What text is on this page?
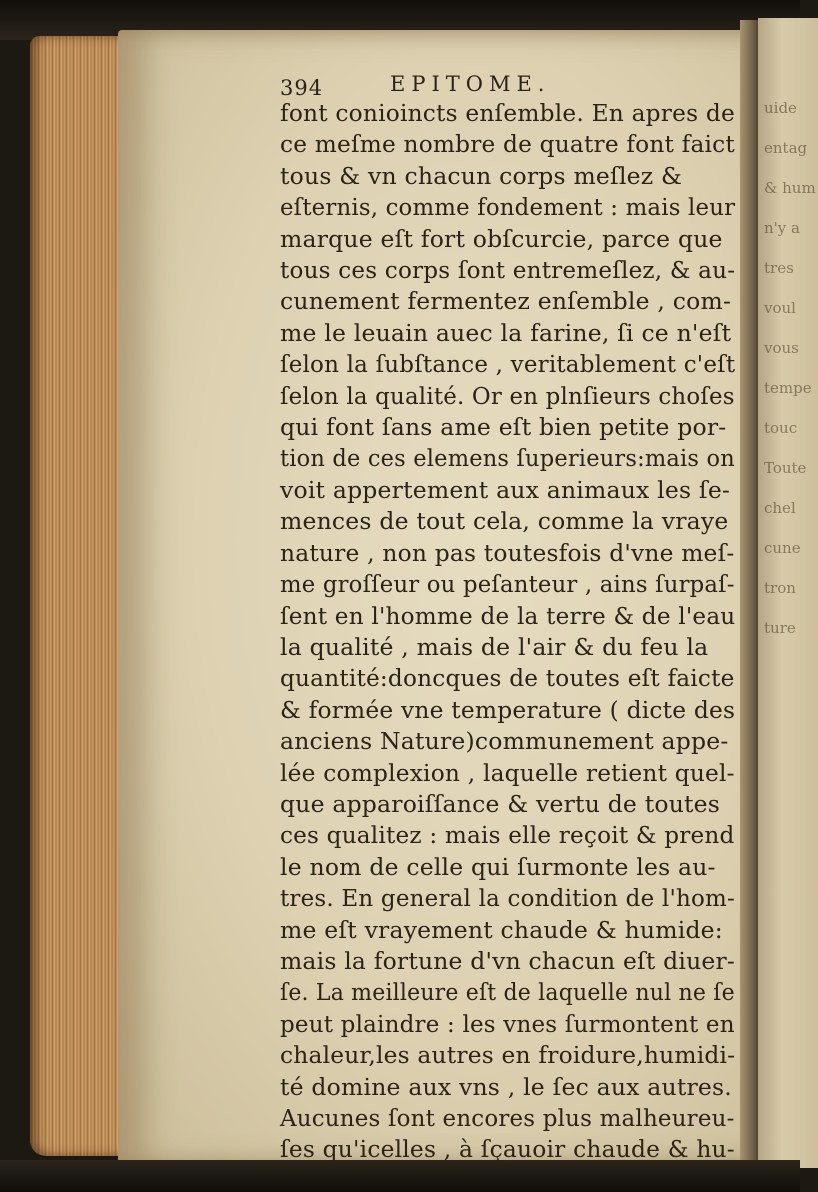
uide
entag
& hum
n'y a
tres
voul
vous
tempe
touc
Toute
chel
cune
tron
ture
394	EPITOME.
font conioincts enſemble. En apres de
ce meſme nombre de quatre font faict
tous & vn chacun corps meſlez &
eſternis, comme fondement : mais leur
marque eſt fort obſcurcie, parce que
tous ces corps ſont entremeſlez, & au-
cunement fermentez enſemble , com-
me le leuain auec la farine, ſi ce n'eſt
ſelon la ſubſtance , veritablement c'eſt
ſelon la qualité. Or en plnſieurs choſes
qui font ſans ame eſt bien petite por-
tion de ces elemens ſuperieurs:mais on
voit appertement aux animaux les ſe-
mences de tout cela, comme la vraye
nature , non pas toutesfois d'vne meſ-
me groſſeur ou peſanteur , ains ſurpaſ-
ſent en l'homme de la terre & de l'eau
la qualité , mais de l'air & du feu la
quantité:doncques de toutes eſt faicte
& formée vne temperature ( dicte des
anciens Nature)communement appe-
lée complexion , laquelle retient quel-
que apparoiſſance & vertu de toutes
ces qualitez : mais elle reçoit & prend
le nom de celle qui ſurmonte les au-
tres. En general la condition de l'hom-
me eſt vrayement chaude & humide:
mais la fortune d'vn chacun eſt diuer-
ſe. La meilleure eſt de laquelle nul ne ſe
peut plaindre : les vnes ſurmontent en
chaleur,les autres en froidure,humidi-
té domine aux vns , le ſec aux autres.
Aucunes ſont encores plus malheureu-
ſes qu'icelles , à ſçauoir chaude & hu-
